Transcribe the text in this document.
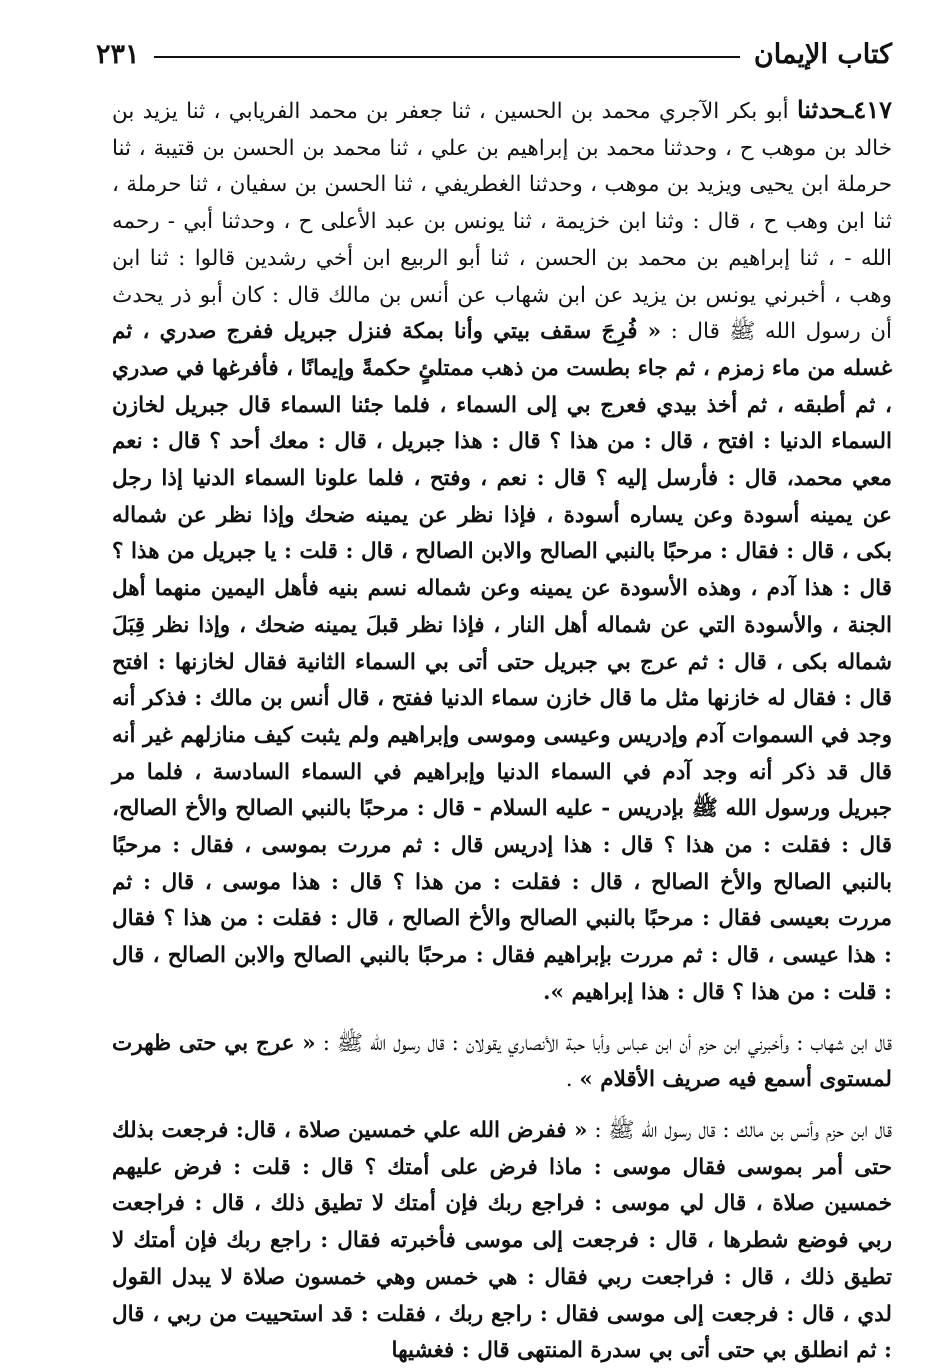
كتاب الإيمان
٢٣١

٤١٧ـحدثنا أبو بكر الآجري محمد بن الحسين ، ثنا جعفر بن محمد الفريابي ، ثنا يزيد بن خالد بن موهب ح ، وحدثنا محمد بن إبراهيم بن علي ، ثنا محمد بن الحسن بن قتيبة ، ثنا حرملة ابن يحيى ويزيد بن موهب ، وحدثنا الغطريفي ، ثنا الحسن بن سفيان ، ثنا حرملة ، ثنا ابن وهب ح ، قال : وثنا ابن خزيمة ، ثنا يونس بن عبد الأعلى ح ، وحدثنا أبي - رحمه الله - ، ثنا إبراهيم بن محمد بن الحسن ، ثنا أبو الربيع ابن أخي رشدين قالوا : ثنا ابن وهب ، أخبرني يونس بن يزيد عن ابن شهاب عن أنس بن مالك قال : كان أبو ذر يحدث أن رسول الله ﷺ قال : « فُرِجَ سقف بيتي وأنا بمكة فنزل جبريل ففرج صدري ، ثم غسله من ماء زمزم ، ثم جاء بطست من ذهب ممتلئٍ حكمةً وإيمانًا ، فأفرغها في صدري ، ثم أطبقه ، ثم أخذ بيدي فعرج بي إلى السماء ، فلما جئنا السماء قال جبريل لخازن السماء الدنيا : افتح ، قال : من هذا ؟ قال : هذا جبريل ، قال : معك أحد ؟ قال : نعم معي محمد، قال : فأرسل إليه ؟ قال : نعم ، وفتح ، فلما علونا السماء الدنيا إذا رجل عن يمينه أسودة وعن يساره أسودة ، فإذا نظر عن يمينه ضحك وإذا نظر عن شماله بكى ، قال : فقال : مرحبًا بالنبي الصالح والابن الصالح ، قال : قلت : يا جبريل من هذا ؟ قال : هذا آدم ، وهذه الأسودة عن يمينه وعن شماله نسم بنيه فأهل اليمين منهما أهل الجنة ، والأسودة التي عن شماله أهل النار ، فإذا نظر قبلَ يمينه ضحك ، وإذا نظر قِبَلَ شماله بكى ، قال : ثم عرج بي جبريل حتى أتى بي السماء الثانية فقال لخازنها : افتح قال : فقال له خازنها مثل ما قال خازن سماء الدنيا ففتح ، قال أنس بن مالك : فذكر أنه وجد في السموات آدم وإدريس وعيسى وموسى وإبراهيم ولم يثبت كيف منازلهم غير أنه قال قد ذكر أنه وجد آدم في السماء الدنيا وإبراهيم في السماء السادسة ، فلما مر جبريل ورسول الله ﷺ بإدريس - عليه السلام - قال : مرحبًا بالنبي الصالح والأخ الصالح، قال : فقلت : من هذا ؟ قال : هذا إدريس قال : ثم مررت بموسى ، فقال : مرحبًا بالنبي الصالح والأخ الصالح ، قال : فقلت : من هذا ؟ قال : هذا موسى ، قال : ثم مررت بعيسى فقال : مرحبًا بالنبي الصالح والأخ الصالح ، قال : فقلت : من هذا ؟ فقال : هذا عيسى ، قال : ثم مررت بإبراهيم فقال : مرحبًا بالنبي الصالح والابن الصالح ، قال : قلت : من هذا ؟ قال : هذا إبراهيم ».

قال ابن شهاب : وأخبرني ابن حزم أن ابن عباس وأبا حبة الأنصاري يقولان : قال رسول الله ﷺ : « عرج بي حتى ظهرت لمستوى أسمع فيه صريف الأقلام » .

قال ابن حزم وأنس بن مالك : قال رسول الله ﷺ : « ففرض الله علي خمسين صلاة ، قال: فرجعت بذلك حتى أمر بموسى فقال موسى : ماذا فرض على أمتك ؟ قال : قلت : فرض عليهم خمسين صلاة ، قال لي موسى : فراجع ربك فإن أمتك لا تطيق ذلك ، قال : فراجعت ربي فوضع شطرها ، قال : فرجعت إلى موسى فأخبرته فقال : راجع ربك فإن أمتك لا تطيق ذلك ، قال : فراجعت ربي فقال : هي خمس وهي خمسون صلاة لا يبدل القول لدي ، قال : فرجعت إلى موسى فقال : راجع ربك ، فقلت : قد استحييت من ربي ، قال : ثم انطلق بي حتى أتى بي سدرة المنتهى قال : فغشيها
